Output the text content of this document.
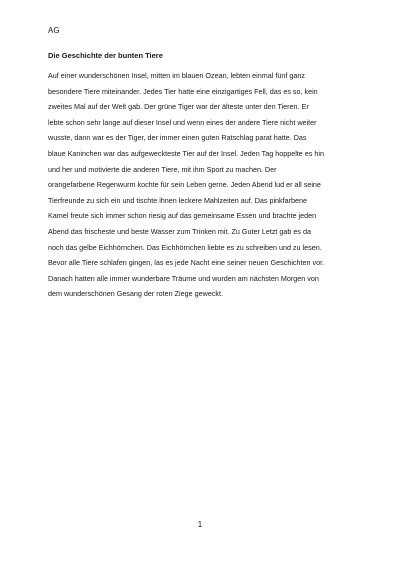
AG
Die Geschichte der bunten Tiere

Auf einer wunderschönen Insel, mitten im blauen Ozean, lebten einmal fünf ganz
besondere Tiere miteinander. Jedes Tier hatte eine einzigartiges Fell, das es so, kein
zweites Mal auf der Welt gab. Der grüne Tiger war der älteste unter den Tieren. Er
lebte schon sehr lange auf dieser Insel und wenn eines der andere Tiere nicht weiter
wusste, dann war es der Tiger, der immer einen guten Ratschlag parat hatte. Das
blaue Kaninchen war das aufgeweckteste Tier auf der Insel. Jeden Tag hoppelte es hin
und her und motivierte die anderen Tiere, mit ihm Sport zu machen. Der
orangefarbene Regenwurm kochte für sein Leben gerne. Jeden Abend lud er all seine
Tierfreunde zu sich ein und tischte ihnen leckere Mahlzeiten auf. Das pinkfarbene
Kamel freute sich immer schon riesig auf das gemeinsame Essen und brachte jeden
Abend das frischeste und beste Wasser zum Trinken mit. Zu Guter Letzt gab es da
noch das gelbe Eichhörnchen. Das Eichhörnchen liebte es zu schreiben und zu lesen.
Bevor alle Tiere schlafen gingen, las es jede Nacht eine seiner neuen Geschichten vor.
Danach hatten alle immer wunderbare Träume und wurden am nächsten Morgen von
dem wunderschönen Gesang der roten Ziege geweckt.

1
